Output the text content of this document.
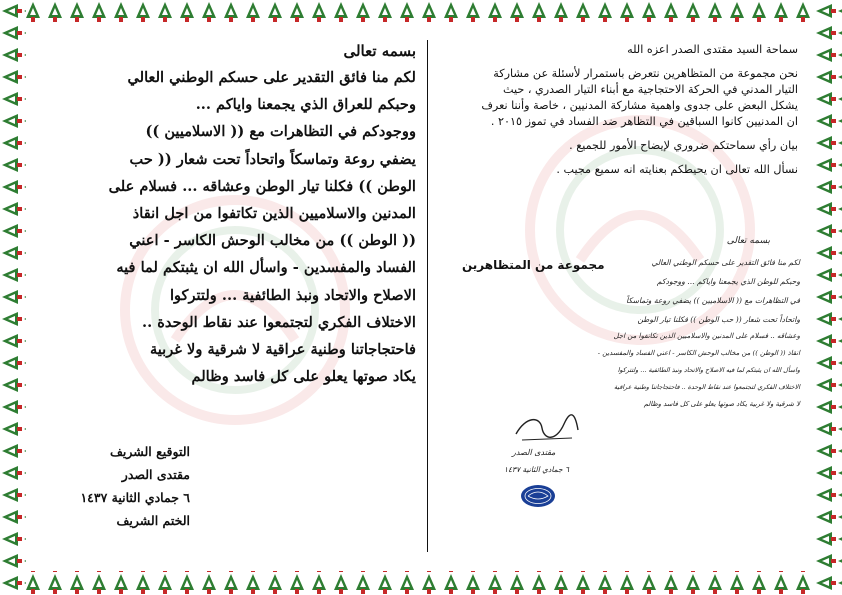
بسمه تعالى
لكم منا فائق التقدير على حسكم الوطني العالي
وحبكم للعراق الذي يجمعنا واياكم ...
ووجودكم في التظاهرات مع (( الاسلاميين ))
يضفي روعة وتماسكاً واتحاداً تحت شعار (( حب
الوطن )) فكلنا تيار الوطن وعشاقه ... فسلام على
المدنين والاسلاميين الذين تكاتفوا من اجل انقاذ
(( الوطن )) من مخالب الوحش الكاسر - اعني
الفساد والمفسدين - واسأل الله ان يثبتكم لما فيه
الاصلاح والاتحاد ونبذ الطائفية ... ولتتركوا
الاختلاف الفكري لتجتمعوا عند نقاط الوحدة ..
فاحتجاجاتنا وطنية عراقية لا شرقية ولا غربية
يكاد صوتها يعلو على كل فاسد وظالم
التوقيع الشريف
مقتدى الصدر
٦ جمادي الثانية ١٤٣٧
الختم الشريف

سماحة السيد مقتدى الصدر اعزه الله

نحن مجموعة من المتظاهرين نتعرض باستمرار لأسئلة عن مشاركة

التيار المدني في الحركة الاحتجاجية مع أبناء التيار الصدري ، حيث

يشكل البعض على جدوى واهمية مشاركة المدنيين ، خاصة وأننا نعرف

ان المدنيين كانوا السباقين في التظاهر ضد الفساد في تموز ٢٠١٥ .

بيان رأي سماحتكم ضروري لإيضاح الأمور للجميع .

نسأل الله تعالى ان يحيطكم بعنايته انه سميع مجيب .

مجموعة من المتظاهرين
بسمه تعالى
لكم منا فائق التقدير على حسكم الوطني العالي
وحبكم للوطن الذي يجمعنا واياكم ... ووجودكم
في التظاهرات مع (( الاسلاميين )) يضفي روعة وتماسكاً
واتحاداً تحت شعار (( حب الوطن )) فكلنا تيار الوطن
وعشاقه .. فسلام على المدنين والاسلاميين الذين تكاتفوا من اجل
انقاذ (( الوطن )) من مخالب الوحش الكاسر - اعني الفساد والمفسدين -
واسأل الله ان يثبتكم لما فيه الاصلاح والاتحاد ونبذ الطائفية ... ولتتركوا
الاختلاف الفكري لتجتمعوا عند نقاط الوحدة .. فاحتجاجاتنا وطنية عراقية
لا شرقية ولا غربية يكاد صوتها يعلو على كل فاسد وظالم
مقتدى الصدر
٦ جمادي الثانية ١٤٣٧
